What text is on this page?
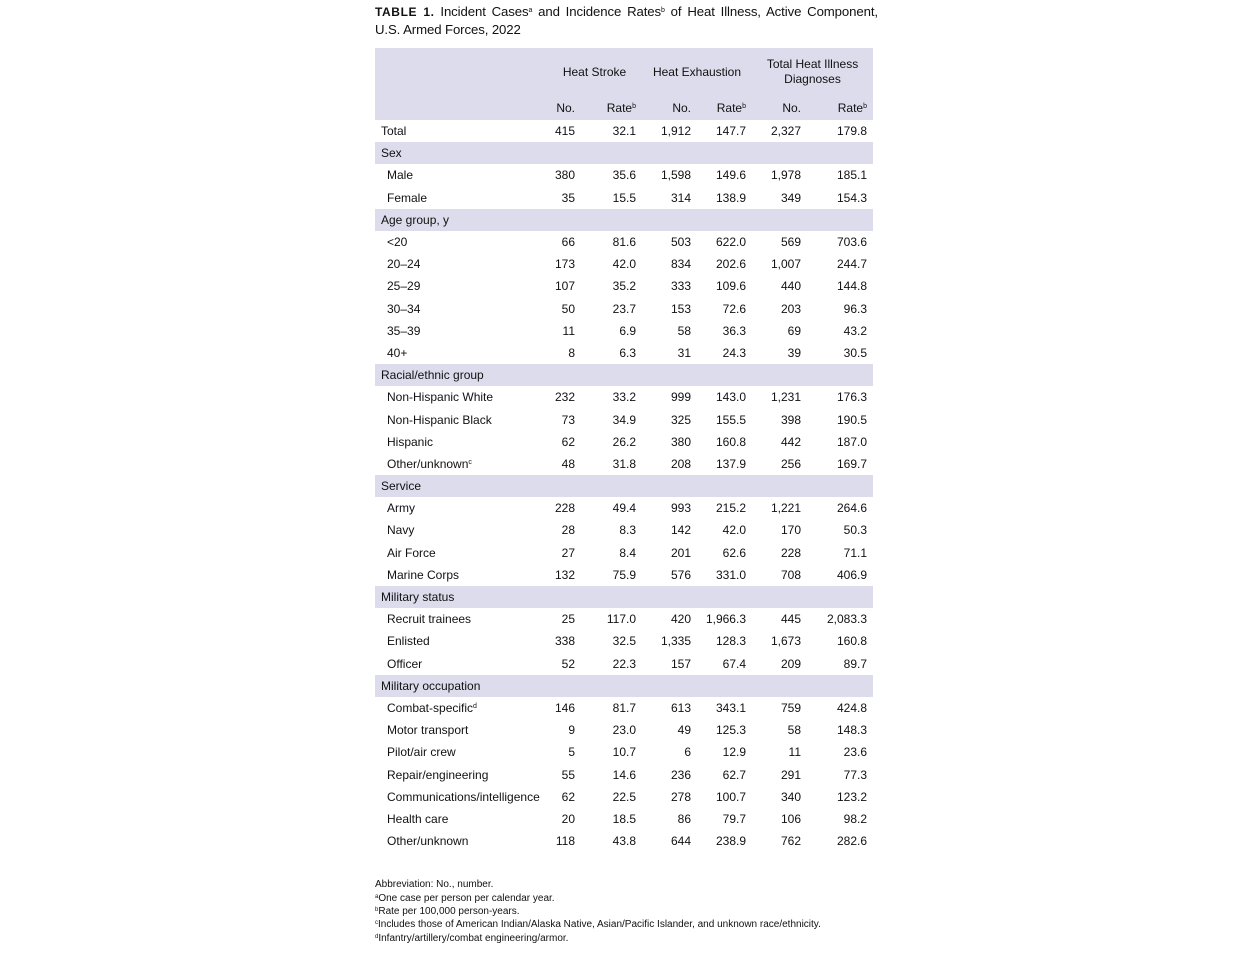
TABLE 1. Incident Cases$^a$ and Incidence Rates$^b$ of Heat Illness, Active Component, U.S. Armed Forces, 2022

	Heat Stroke		Heat Exhaustion		Total Heat Illness Diagnoses	
	No.	Rate$^b$	No.	Rate$^b$	No.	Rate$^b$
Total	415	32.1	1,912	147.7	2,327	179.8
Sex						
Male	380	35.6	1,598	149.6	1,978	185.1
Female	35	15.5	314	138.9	349	154.3
Age group, y						
<20	66	81.6	503	622.0	569	703.6
20–24	173	42.0	834	202.6	1,007	244.7
25–29	107	35.2	333	109.6	440	144.8
30–34	50	23.7	153	72.6	203	96.3
35–39	11	6.9	58	36.3	69	43.2
40+	8	6.3	31	24.3	39	30.5
Racial/ethnic group						
Non-Hispanic White	232	33.2	999	143.0	1,231	176.3
Non-Hispanic Black	73	34.9	325	155.5	398	190.5
Hispanic	62	26.2	380	160.8	442	187.0
Other/unknown$^c$	48	31.8	208	137.9	256	169.7
Service						
Army	228	49.4	993	215.2	1,221	264.6
Navy	28	8.3	142	42.0	170	50.3
Air Force	27	8.4	201	62.6	228	71.1
Marine Corps	132	75.9	576	331.0	708	406.9
Military status						
Recruit trainees	25	117.0	420	1,966.3	445	2,083.3
Enlisted	338	32.5	1,335	128.3	1,673	160.8
Officer	52	22.3	157	67.4	209	89.7
Military occupation						
Combat-specific$^d$	146	81.7	613	343.1	759	424.8
Motor transport	9	23.0	49	125.3	58	148.3
Pilot/air crew	5	10.7	6	12.9	11	23.6
Repair/engineering	55	14.6	236	62.7	291	77.3
Communications/intelligence	62	22.5	278	100.7	340	123.2
Health care	20	18.5	86	79.7	106	98.2
Other/unknown	118	43.8	644	238.9	762	282.6
Abbreviation: No., number.
$^a$One case per person per calendar year.
$^b$Rate per 100,000 person-years.
$^c$Includes those of American Indian/Alaska Native, Asian/Pacific Islander, and unknown race/ethnicity.
$^d$Infantry/artillery/combat engineering/armor.
